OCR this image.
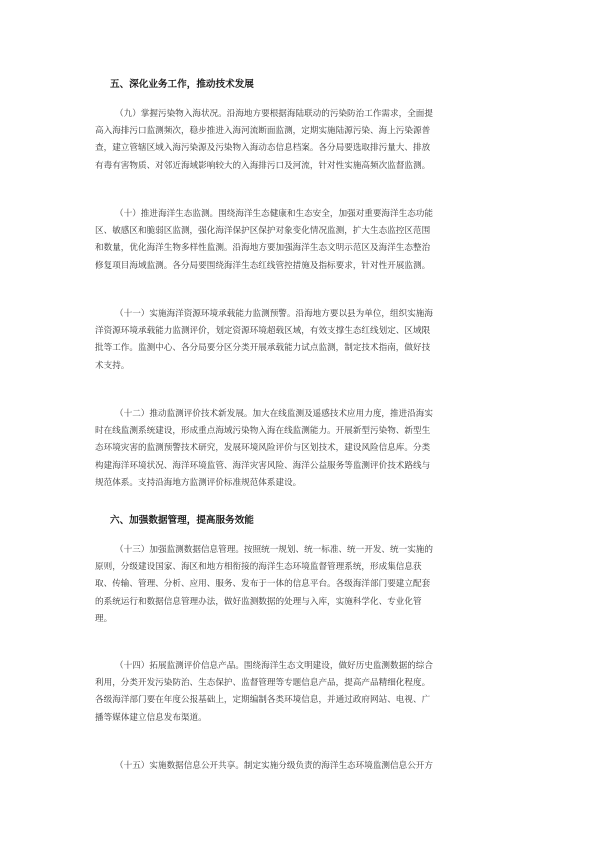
五、深化业务工作，推动技术发展
（九）掌握污染物入海状况。沿海地方要根据海陆联动的污染防治工作需求，全面提
高入海排污口监测频次，稳步推进入海河流断面监测，定期实施陆源污染、海上污染源普
查，建立管辖区域入海污染源及污染物入海动态信息档案。各分局要选取排污量大、排放
有毒有害物质、对邻近海域影响较大的入海排污口及河流，针对性实施高频次监督监测。
（十）推进海洋生态监测。围绕海洋生态健康和生态安全，加强对重要海洋生态功能
区、敏感区和脆弱区监测，强化海洋保护区保护对象变化情况监测，扩大生态监控区范围
和数量，优化海洋生物多样性监测。沿海地方要加强海洋生态文明示范区及海洋生态整治
修复项目海域监测。各分局要围绕海洋生态红线管控措施及指标要求，针对性开展监测。
（十一）实施海洋资源环境承载能力监测预警。沿海地方要以县为单位，组织实施海
洋资源环境承载能力监测评价，划定资源环境超载区域，有效支撑生态红线划定、区域限
批等工作。监测中心、各分局要分区分类开展承载能力试点监测，制定技术指南，做好技
术支持。
（十二）推动监测评价技术新发展。加大在线监测及遥感技术应用力度，推进沿海实
时在线监测系统建设，形成重点海域污染物入海在线监测能力。开展新型污染物、新型生
态环境灾害的监测预警技术研究，发展环境风险评价与区划技术，建设风险信息库。分类
构建海洋环境状况、海洋环境监管、海洋灾害风险、海洋公益服务等监测评价技术路线与
规范体系。支持沿海地方监测评价标准规范体系建设。
六、加强数据管理，提高服务效能
（十三）加强监测数据信息管理。按照统一规划、统一标准、统一开发、统一实施的
原则，分级建设国家、海区和地方相衔接的海洋生态环境监督管理系统，形成集信息获
取、传输、管理、分析、应用、服务、发布于一体的信息平台。各级海洋部门要建立配套
的系统运行和数据信息管理办法，做好监测数据的处理与入库，实施科学化、专业化管
理。
（十四）拓展监测评价信息产品。围绕海洋生态文明建设，做好历史监测数据的综合
利用，分类开发污染防治、生态保护、监督管理等专题信息产品，提高产品精细化程度。
各级海洋部门要在年度公报基础上，定期编制各类环境信息，并通过政府网站、电视、广
播等媒体建立信息发布渠道。
（十五）实施数据信息公开共享。制定实施分级负责的海洋生态环境监测信息公开方
